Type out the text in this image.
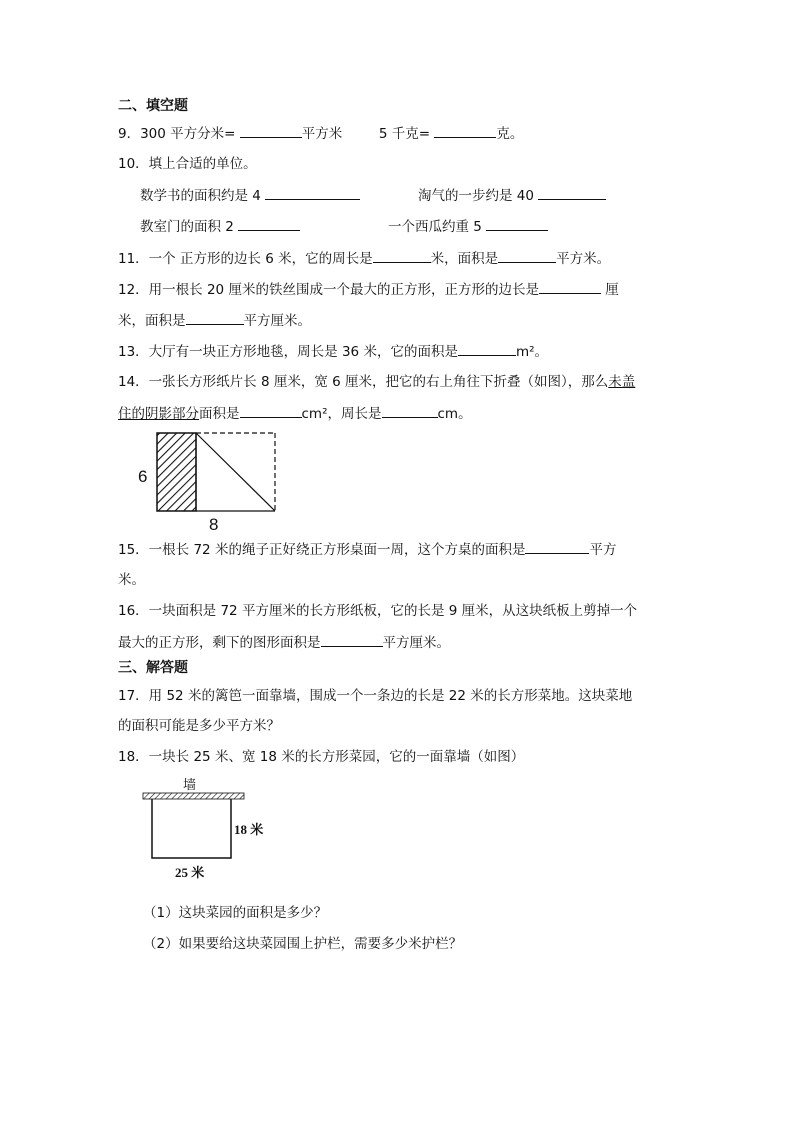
二、填空题
9．300 平方分米=	平方米	5 千克=	克。
10．填上合适的单位。
数学书的面积约是 4	淘气的一步约是 40
教室门的面积 2	一个西瓜约重 5
11．一个 正方形的边长 6 米，它的周长是	米，面积是	平方米。
12．用一根长 20 厘米的铁丝围成一个最大的正方形，正方形的边长是	厘
米，面积是	平方厘米。
13．大厅有一块正方形地毯，周长是 36 米，它的面积是	m²。
14．一张长方形纸片长 8 厘米，宽 6 厘米，把它的右上角往下折叠（如图），那么未盖
住的阴影部分面积是	cm²，周长是	cm。
6
8
15．一根长 72 米的绳子正好绕正方形桌面一周，这个方桌的面积是	平方
米。
16．一块面积是 72 平方厘米的长方形纸板，它的长是 9 厘米，从这块纸板上剪掉一个
最大的正方形，剩下的图形面积是	平方厘米。
三、解答题
17．用 52 米的篱笆一面靠墙，围成一个一条边的长是 22 米的长方形菜地。这块菜地
的面积可能是多少平方米？
18．一块长 25 米、宽 18 米的长方形菜园，它的一面靠墙（如图）
墙
18 米
25 米
（1）这块菜园的面积是多少？
（2）如果要给这块菜园围上护栏，需要多少米护栏？
